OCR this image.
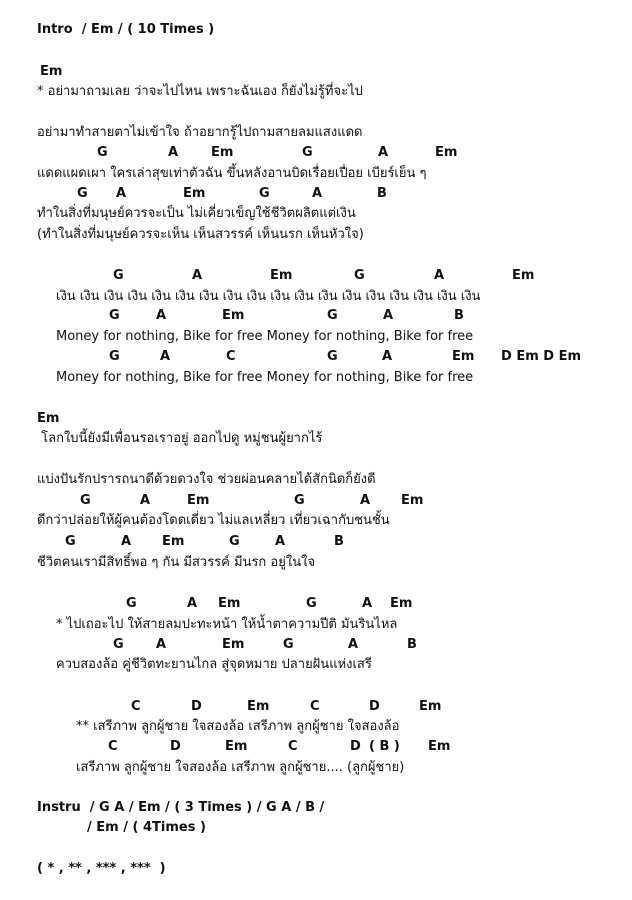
Intro  / Em / ( 10 Times )
Em
* อย่ามาถามเลย ว่าจะไปไหน เพราะฉันเอง ก็ยังไม่รู้ที่จะไป
อย่ามาทำสายตาไม่เข้าใจ ถ้าอยากรู้ไปถามสายลมแสงแดด
แดดแผดเผา ใครเล่าสุขเท่าตัวฉัน ขึ้นหลังอานบิดเรื่อยเปื่อย เบียร์เย็น ๆ
ทำในสิ่งที่มนุษย์ควรจะเป็น ไม่เคี่ยวเข็ญใช้ชีวิตผลิตแต่เงิน
(ทำในสิ่งที่มนุษย์ควรจะเห็น เห็นสวรรค์ เห็นนรก เห็นหัวใจ)
เงิน เงิน เงิน เงิน เงิน เงิน เงิน เงิน เงิน เงิน เงิน เงิน เงิน เงิน เงิน เงิน เงิน เงิน
Money for nothing, Bike for free Money for nothing, Bike for free
Money for nothing, Bike for free Money for nothing, Bike for free
Em
โลกใบนี้ยังมีเพื่อนรอเราอยู่ ออกไปดู หมู่ชนผู้ยากไร้
แบ่งปันรักปรารถนาดีด้วยดวงใจ ช่วยผ่อนคลายได้สักนิดก็ยังดี
ดีกว่าปล่อยให้ผู้คนต้องโดดเดี่ยว ไม่แลเหลี่ยว เที่ยวเฉากับชนชั้น
ชีวิตคนเรามีสิทธิ์พอ ๆ กัน มีสวรรค์ มีนรก อยู่ในใจ
* ไปเถอะไป ให้สายลมปะทะหน้า ให้น้ำตาความปีติ มันรินไหล
ควบสองล้อ คู่ชีวิตทะยานไกล สู่จุดหมาย ปลายฝันแห่งเสรี
** เสรีภาพ ลูกผู้ชาย ใจสองล้อ เสรีภาพ ลูกผู้ชาย ใจสองล้อ
เสรีภาพ ลูกผู้ชาย ใจสองล้อ เสรีภาพ ลูกผู้ชาย.... (ลูกผู้ชาย)
Instru  / G A / Em / ( 3 Times ) / G A / B /
/ Em / ( 4Times )
( * , ** , *** , ***  )
G	A	Em	G	A	Em
G A	Em	G	A	B
G	A	Em	G	A	Em
G	A	Em	G	A	B
G	A	C	G	A	Em D Em D Em
G	A	Em	G	A Em
G	A Em	G	A	B
G	A Em	G	A Em
G A	Em	G	A	B
C	D	Em	C	D	Em
C	D	Em	C	D ( B ) Em
